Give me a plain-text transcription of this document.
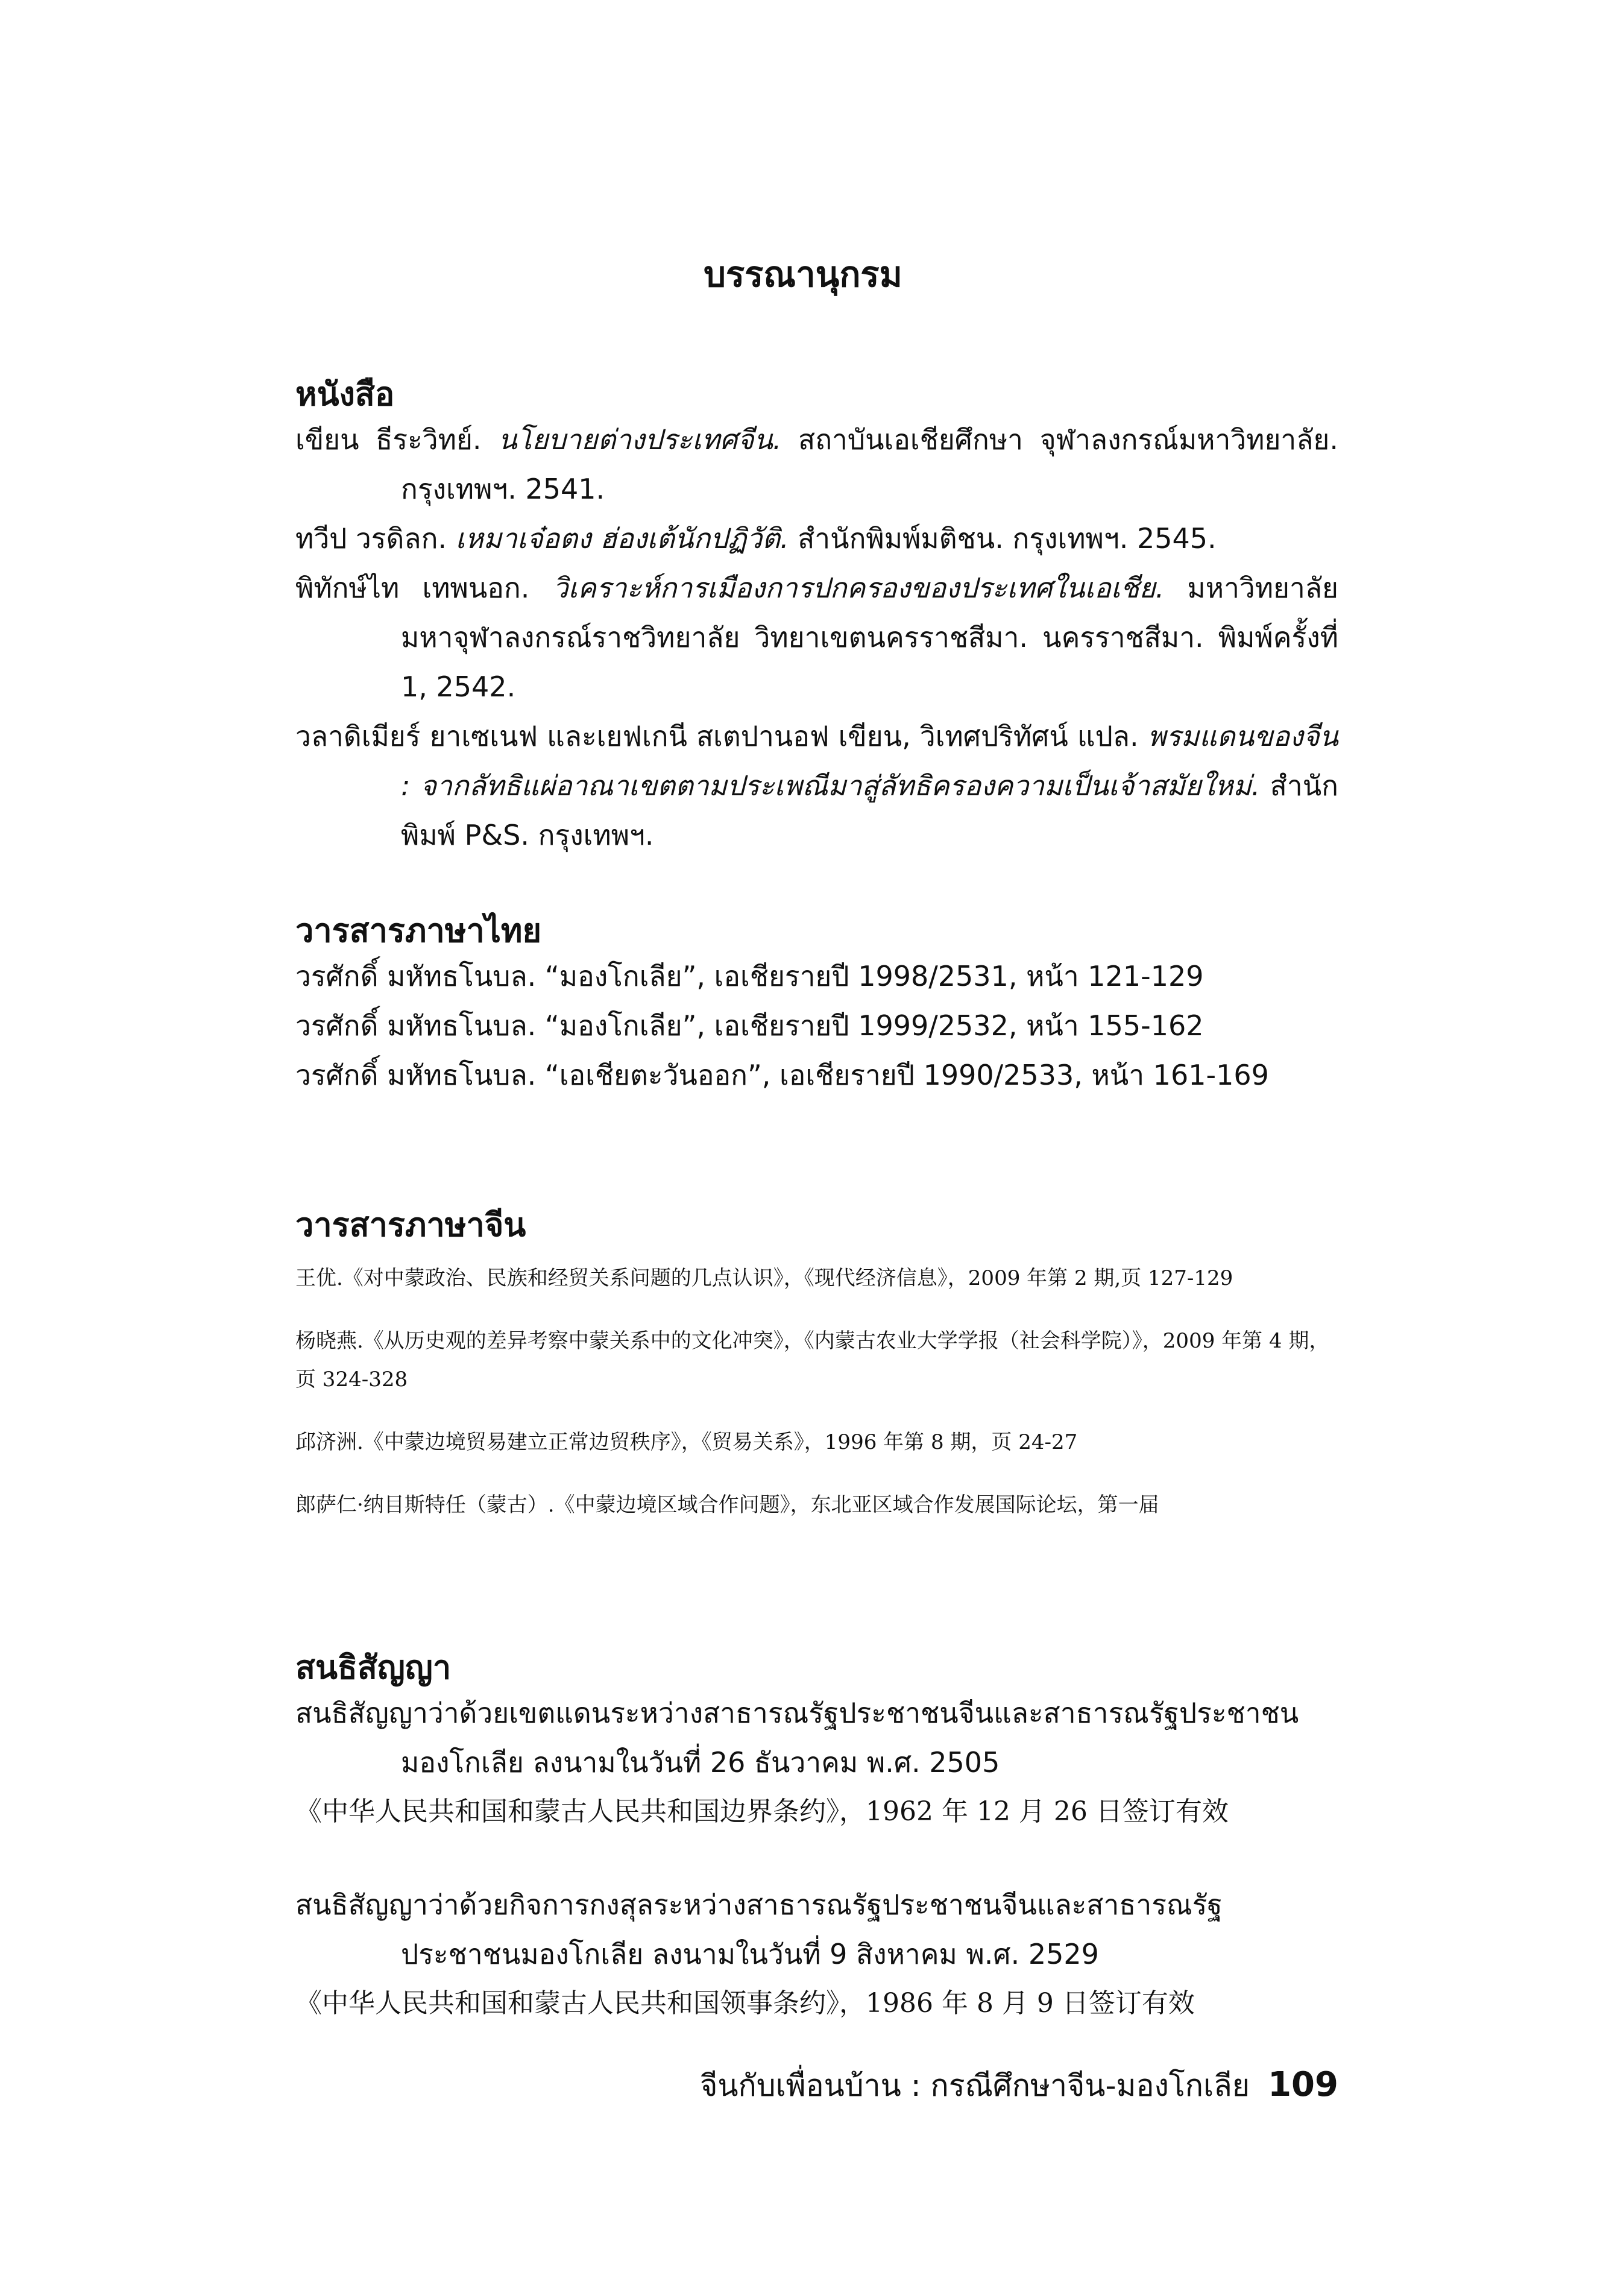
บรรณานุกรม
หนังสือ
เขียน ธีระวิทย์. นโยบายต่างประเทศจีน. สถาบันเอเชียศึกษา จุฬาลงกรณ์มหาวิทยาลัย. กรุงเทพฯ. 2541.
ทวีป วรดิลก. เหมาเจ๋อตง ฮ่องเต้นักปฏิวัติ. สำนักพิมพ์มติชน. กรุงเทพฯ. 2545.
พิทักษ์ไท เทพนอก. วิเคราะห์การเมืองการปกครองของประเทศในเอเชีย. มหาวิทยาลัยมหาจุฬาลงกรณ์ราชวิทยาลัย วิทยาเขตนครราชสีมา. นครราชสีมา. พิมพ์ครั้งที่ 1, 2542.
วลาดิเมียร์ ยาเซเนฟ และเยฟเกนี สเตปานอฟ เขียน, วิเทศปริทัศน์ แปล. พรมแดนของจีน : จากลัทธิแผ่อาณาเขตตามประเพณีมาสู่ลัทธิครองความเป็นเจ้าสมัยใหม่. สำนักพิมพ์ P&S. กรุงเทพฯ.
วารสารภาษาไทย
วรศักดิ์ มหัทธโนบล. “มองโกเลีย”, เอเชียรายปี 1998/2531, หน้า 121-129
วรศักดิ์ มหัทธโนบล. “มองโกเลีย”, เอเชียรายปี 1999/2532, หน้า 155-162
วรศักดิ์ มหัทธโนบล. “เอเชียตะวันออก”, เอเชียรายปี 1990/2533, หน้า 161-169
วารสารภาษาจีน
王优.《对中蒙政治、民族和经贸关系问题的几点认识》，《现代经济信息》，2009 年第 2 期,页 127-129
杨晓燕.《从历史观的差异考察中蒙关系中的文化冲突》，《内蒙古农业大学学报（社会科学院）》，2009 年第 4 期，页 324-328
邱济洲.《中蒙边境贸易建立正常边贸秩序》，《贸易关系》，1996 年第 8 期，页 24-27
郎萨仁·纳目斯特任（蒙古）.《中蒙边境区域合作问题》，东北亚区域合作发展国际论坛，第一届
สนธิสัญญา
สนธิสัญญาว่าด้วยเขตแดนระหว่างสาธารณรัฐประชาชนจีนและสาธารณรัฐประชาชนมองโกเลีย ลงนามในวันที่ 26 ธันวาคม พ.ศ. 2505
《中华人民共和国和蒙古人民共和国边界条约》，1962 年 12 月 26 日签订有效
สนธิสัญญาว่าด้วยกิจการกงสุลระหว่างสาธารณรัฐประชาชนจีนและสาธารณรัฐประชาชนมองโกเลีย ลงนามในวันที่ 9 สิงหาคม พ.ศ. 2529
《中华人民共和国和蒙古人民共和国领事条约》，1986 年 8 月 9 日签订有效
จีนกับเพื่อนบ้าน : กรณีศึกษาจีน-มองโกเลีย 109
